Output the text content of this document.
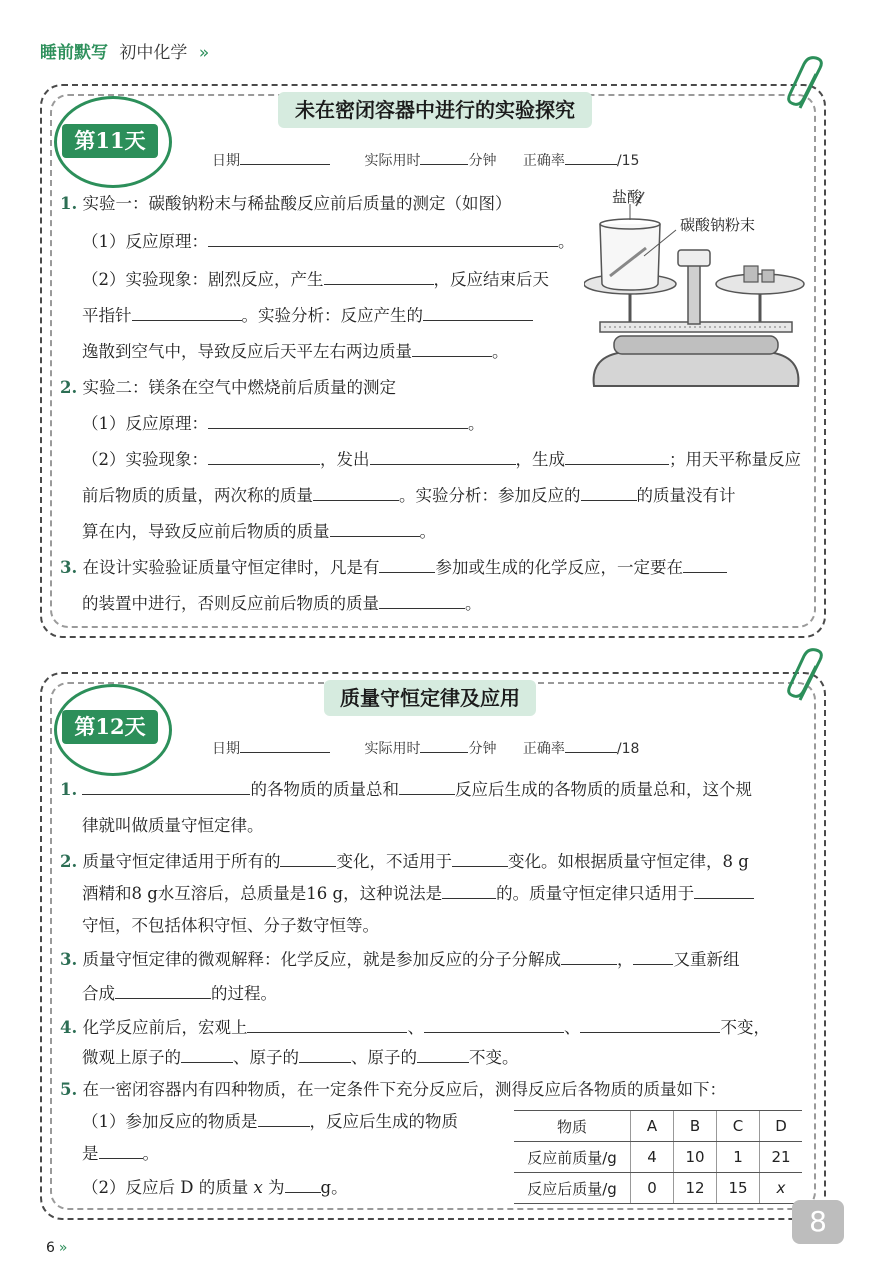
睡前默写 初中化学 »
未在密闭容器中进行的实验探究
第11天
日期	实际用时	分钟 正确率	/15
1. 实验一：碳酸钠粉末与稀盐酸反应前后质量的测定（如图）
（1）反应原理：	。
（2）实验现象：剧烈反应，产生	，反应结束后天
平指针	。实验分析：反应产生的
逸散到空气中，导致反应后天平左右两边质量	。
盐酸
碳酸钠粉末
2. 实验二：镁条在空气中燃烧前后质量的测定
（1）反应原理：	。
（2）实验现象：	，发出	，生成	；用天平称量反应
前后物质的质量，两次称的质量	。实验分析：参加反应的	的质量没有计
算在内，导致反应前后物质的质量	。
3. 在设计实验验证质量守恒定律时，凡是有	参加或生成的化学反应，一定要在
的装置中进行，否则反应前后物质的质量	。
质量守恒定律及应用
第12天
日期	实际用时	分钟 正确率	/18
1.	的各物质的质量总和	反应后生成的各物质的质量总和，这个规
律就叫做质量守恒定律。
2. 质量守恒定律适用于所有的	变化，不适用于	变化。如根据质量守恒定律，8 g
酒精和8 g水互溶后，总质量是16 g，这种说法是	的。质量守恒定律只适用于
守恒，不包括体积守恒、分子数守恒等。
3. 质量守恒定律的微观解释：化学反应，就是参加反应的分子分解成	， 又重新组
合成	的过程。
4. 化学反应前后，宏观上	、	、	不变，
微观上原子的	、原子的	、原子的	不变。
5. 在一密闭容器内有四种物质，在一定条件下充分反应后，测得反应后各物质的质量如下：
（1）参加反应的物质是	，反应后生成的物质
是	。
（2）反应后 D 的质量 x 为 g。
物质	A	B	C	D
反应前质量/g	4	10	1	21
反应后质量/g	0	12	15	x
6 »
8
